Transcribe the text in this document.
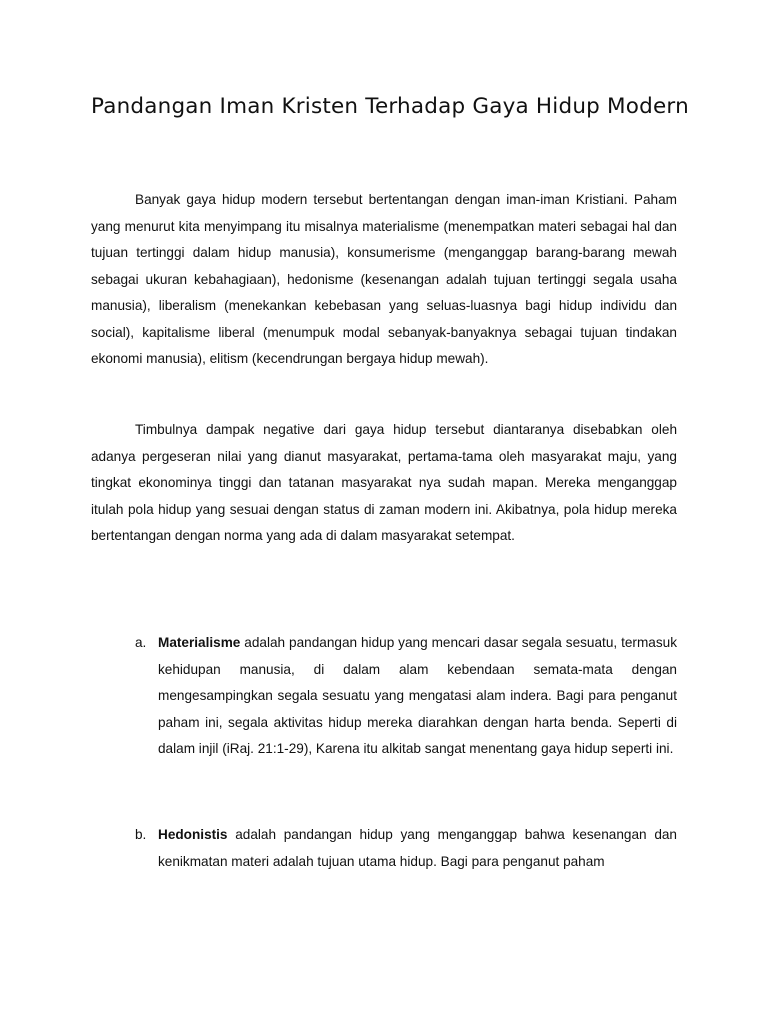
Pandangan Iman Kristen Terhadap Gaya Hidup Modern

Banyak gaya hidup modern tersebut bertentangan dengan iman-iman Kristiani. Paham yang menurut kita menyimpang itu misalnya materialisme (menempatkan materi sebagai hal dan tujuan tertinggi dalam hidup manusia), konsumerisme (menganggap barang-barang mewah sebagai ukuran kebahagiaan), hedonisme (kesenangan adalah tujuan tertinggi segala usaha manusia), liberalism (menekankan kebebasan yang seluas-luasnya bagi hidup individu dan social), kapitalisme liberal (menumpuk modal sebanyak-banyaknya sebagai tujuan tindakan ekonomi manusia), elitism (kecendrungan bergaya hidup mewah).

Timbulnya dampak negative dari gaya hidup tersebut diantaranya disebabkan oleh adanya pergeseran nilai yang dianut masyarakat, pertama-tama oleh masyarakat maju, yang tingkat ekonominya tinggi dan tatanan masyarakat nya sudah mapan. Mereka menganggap itulah pola hidup yang sesuai dengan status di zaman modern ini. Akibatnya, pola hidup mereka bertentangan dengan norma yang ada di dalam masyarakat setempat.

a. Materialisme adalah pandangan hidup yang mencari dasar segala sesuatu, termasuk kehidupan manusia, di dalam alam kebendaan semata-mata dengan mengesampingkan segala sesuatu yang mengatasi alam indera. Bagi para penganut paham ini, segala aktivitas hidup mereka diarahkan dengan harta benda. Seperti di dalam injil (iRaj. 21:1-29), Karena itu alkitab sangat menentang gaya hidup seperti ini.

b. Hedonistis adalah pandangan hidup yang menganggap bahwa kesenangan dan kenikmatan materi adalah tujuan utama hidup. Bagi para penganut paham
